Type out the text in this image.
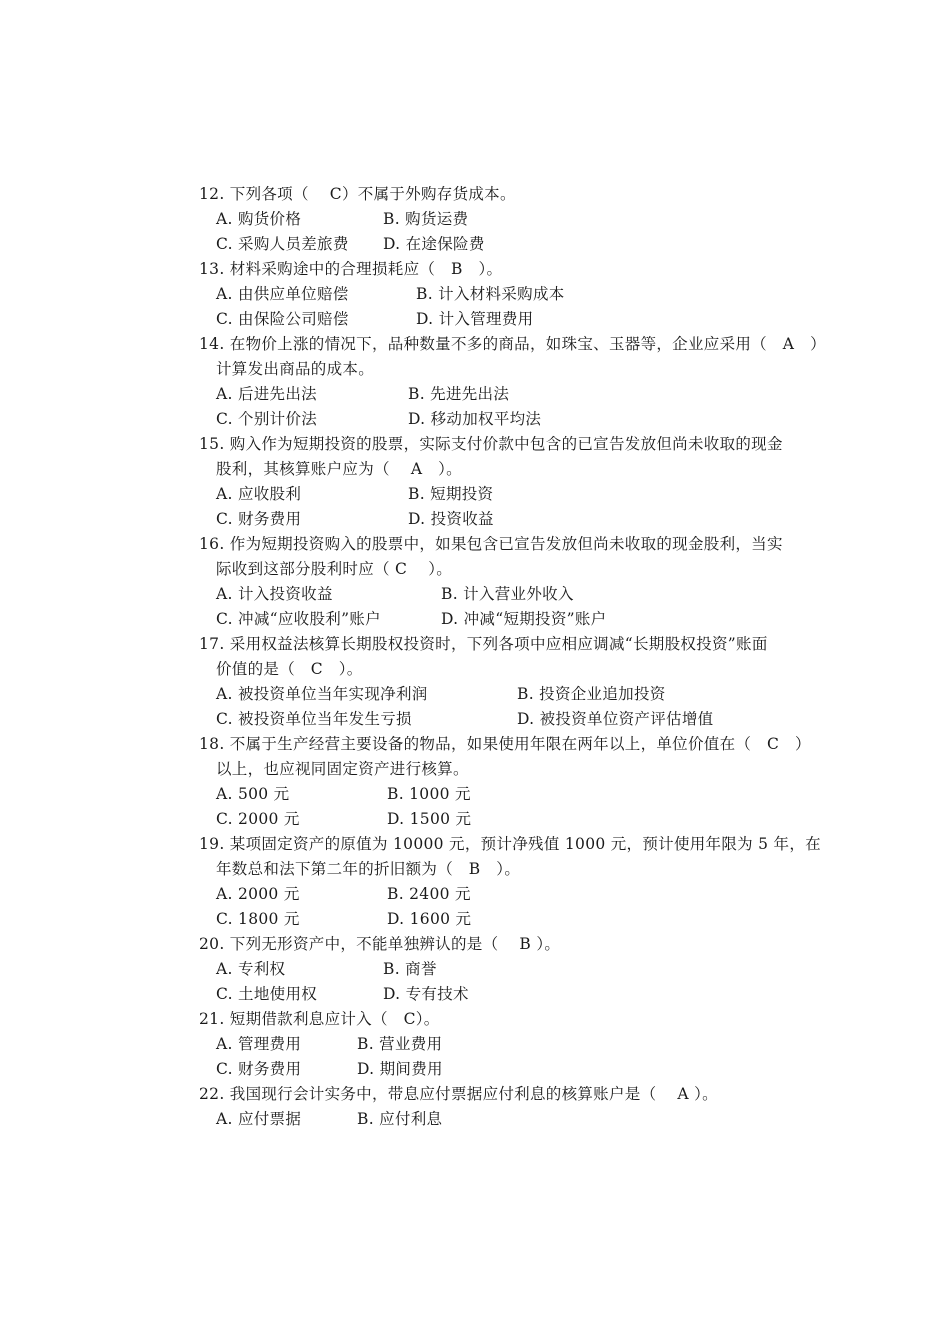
12. 下列各项（　 C）不属于外购存货成本。
A. 购货价格	B. 购货运费
C. 采购人员差旅费 D. 在途保险费
13. 材料采购途中的合理损耗应（　B　）。
A. 由供应单位赔偿	B. 计入材料采购成本
C. 由保险公司赔偿	D. 计入管理费用
14. 在物价上涨的情况下，品种数量不多的商品，如珠宝、玉器等，企业应采用（　A　）
计算发出商品的成本。
A. 后进先出法	B. 先进先出法
C. 个别计价法	D. 移动加权平均法
15. 购入作为短期投资的股票，实际支付价款中包含的已宣告发放但尚未收取的现金
股利，其核算账户应为（　 A　）。
A. 应收股利	B. 短期投资
C. 财务费用	D. 投资收益
16. 作为短期投资购入的股票中，如果包含已宣告发放但尚未收取的现金股利，当实
际收到这部分股利时应（ C　 ）。
A. 计入投资收益	B. 计入营业外收入
C. 冲减“应收股利”账户	D. 冲减“短期投资”账户
17. 采用权益法核算长期股权投资时，下列各项中应相应调减“长期股权投资”账面
价值的是（　C　）。
A. 被投资单位当年实现净利润	B. 投资企业追加投资
C. 被投资单位当年发生亏损	D. 被投资单位资产评估增值
18. 不属于生产经营主要设备的物品，如果使用年限在两年以上，单位价值在（　C　）
以上，也应视同固定资产进行核算。
A. 500 元	B. 1000 元
C. 2000 元	D. 1500 元
19. 某项固定资产的原值为 10000 元，预计净残值 1000 元，预计使用年限为 5 年，在
年数总和法下第二年的折旧额为（　B　）。
A. 2000 元	B. 2400 元
C. 1800 元	D. 1600 元
20. 下列无形资产中，不能单独辨认的是（　 B ）。
A. 专利权	B. 商誉
C. 土地使用权	D. 专有技术
21. 短期借款利息应计入（　C）。
A. 管理费用	B. 营业费用
C. 财务费用	D. 期间费用
22. 我国现行会计实务中，带息应付票据应付利息的核算账户是（　 A ）。
A. 应付票据	B. 应付利息
